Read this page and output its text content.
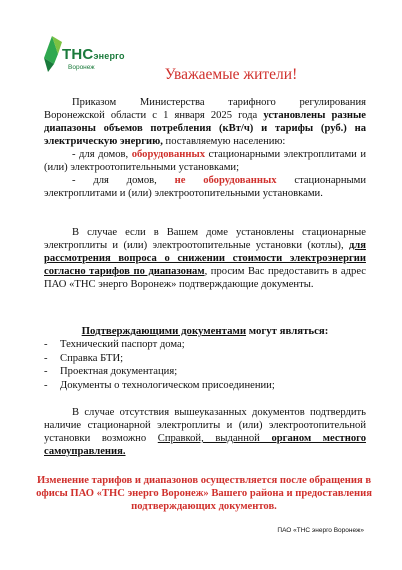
ТНСэнерго
Воронеж	Уважаемые жители!
Приказом Министерства тарифного регулирования Воронежской области с 1 января 2025 года установлены разные диапазоны объемов потребления (кВт/ч) и тарифы (руб.) на электрическую энергию, поставляемую населению:
- для домов, оборудованных стационарными электроплитами и (или) электроотопительными установками;
- для домов, не оборудованных стационарными электроплитами и (или) электроотопительными установками.
В случае если в Вашем доме установлены стационарные электроплиты и (или) электроотопительные установки (котлы), для рассмотрения вопроса о снижении стоимости электроэнергии согласно тарифов по диапазонам, просим Вас предоставить в адрес ПАО «ТНС энерго Воронеж» подтверждающие документы.
Подтверждающими документами могут являться:
- Технический паспорт дома;
- Справка БТИ;
- Проектная документация;
- Документы о технологическом присоединении;
В случае отсутствия вышеуказанных документов подтвердить наличие стационарной электроплиты и (или) электроотопительной установки возможно Справкой, выданной органом местного самоуправления.
Изменение тарифов и диапазонов осуществляется после обращения в офисы ПАО «ТНС энерго Воронеж» Вашего района и предоставления подтверждающих документов.
ПАО «ТНС энерго Воронеж»
